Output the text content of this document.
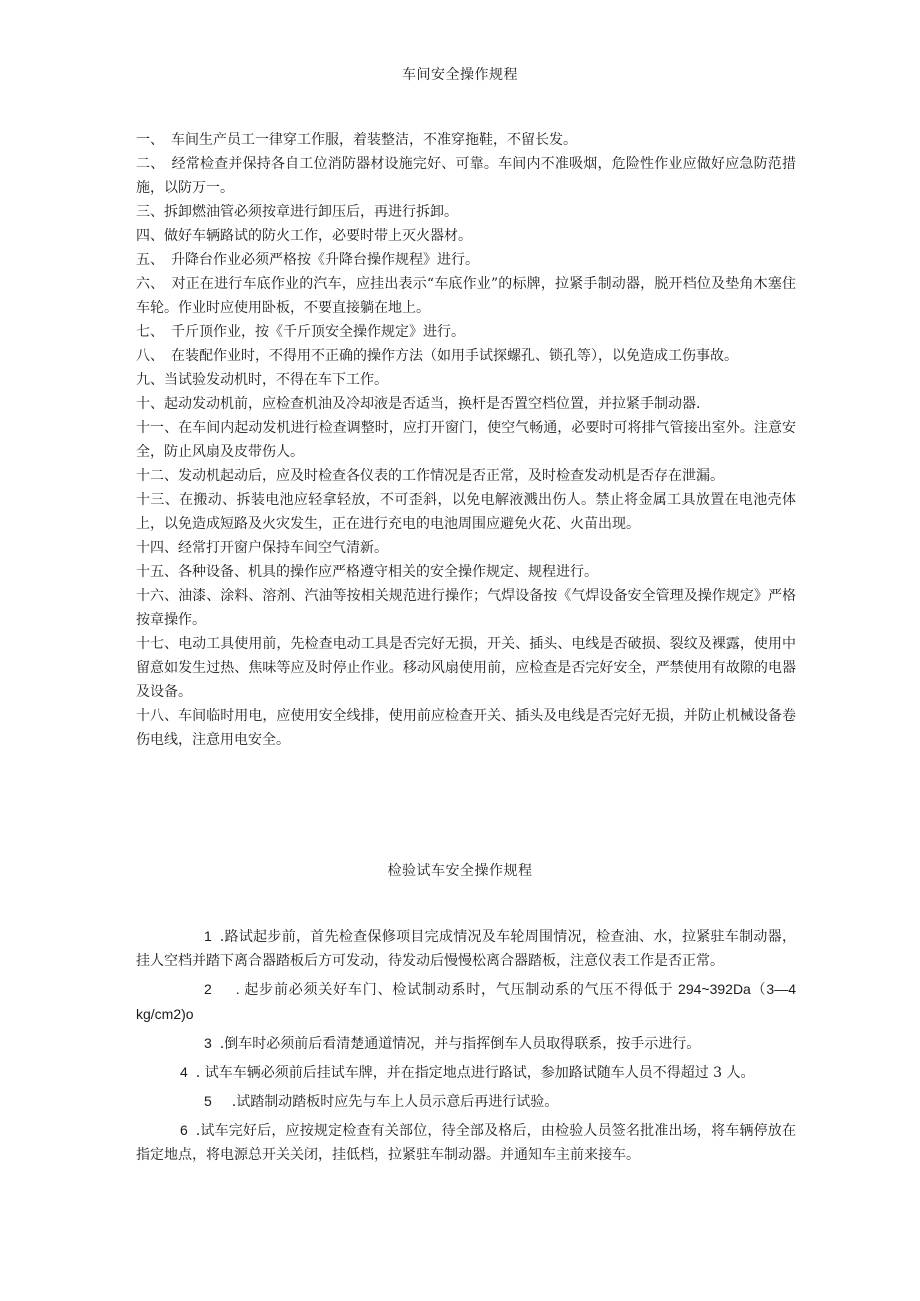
车间安全操作规程

一、　车间生产员工一律穿工作服，着装整洁，不准穿拖鞋，不留长发。

二、　经常检查并保持各自工位消防器材设施完好、可靠。车间内不准吸烟，危险性作业应做好应急防范措施，以防万一。

三、拆卸燃油管必须按章进行卸压后，再进行拆卸。

四、做好车辆路试的防火工作，必要时带上灭火器材。

五、　升降台作业必须严格按《升降台操作规程》进行。

六、　对正在进行车底作业的汽车，应挂出表示“车底作业”的标牌，拉紧手制动器，脱开档位及垫角木塞住车轮。作业时应使用卧板，不要直接躺在地上。

七、　千斤顶作业，按《千斤顶安全操作规定》进行。

八、　在装配作业时，不得用不正确的操作方法（如用手试探螺孔、锁孔等），以免造成工伤事故。

九、当试验发动机时，不得在车下工作。

十、起动发动机前，应检查机油及冷却液是否适当，换杆是否置空档位置，并拉紧手制动器.

十一、在车间内起动发机进行检查调整时，应打开窗门，使空气畅通，必要时可将排气管接出室外。注意安全，防止风扇及皮带伤人。

十二、发动机起动后，应及时检查各仪表的工作情况是否正常，及时检查发动机是否存在泄漏。

十三、在搬动、拆装电池应轻拿轻放，不可歪斜，以免电解液溅出伤人。禁止将金属工具放置在电池壳体上，以免造成短路及火灾发生，正在进行充电的电池周围应避免火花、火苗出现。

十四、经常打开窗户保持车间空气清新。

十五、各种设备、机具的操作应严格遵守相关的安全操作规定、规程进行。

十六、油漆、涂料、溶剂、汽油等按相关规范进行操作；气焊设备按《气焊设备安全管理及操作规定》严格按章操作。

十七、电动工具使用前，先检查电动工具是否完好无损，开关、插头、电线是否破损、裂纹及裸露，使用中留意如发生过热、焦味等应及时停止作业。移动风扇使用前，应检查是否完好安全，严禁使用有故隙的电器及设备。

十八、车间临时用电，应使用安全线排，使用前应检查开关、插头及电线是否完好无损，并防止机械设备卷伤电线，注意用电安全。

检验试车安全操作规程

1 .路试起步前，首先检查保修项目完成情况及车轮周围情况，检查油、水，拉紧驻车制动器，挂人空档并踏下离合器踏板后方可发动，待发动后慢慢松离合器踏板，注意仪表工作是否正常。

2 . 起步前必须关好车门、检试制动系时，气压制动系的气压不得低于 294~392Da（3—4 kg/cm2)o

3 .倒车时必须前后看清楚通道情况，并与指挥倒车人员取得联系，按手示进行。

4 . 试车车辆必须前后挂试车牌，并在指定地点进行路试，参加路试随车人员不得超过 3 人。

5 .试踏制动踏板时应先与车上人员示意后再进行试验。

6 .试车完好后，应按规定检查有关部位，待全部及格后，由检验人员签名批准出场，将车辆停放在指定地点，将电源总开关关闭，挂低档，拉紧驻车制动器。并通知车主前来接车。
